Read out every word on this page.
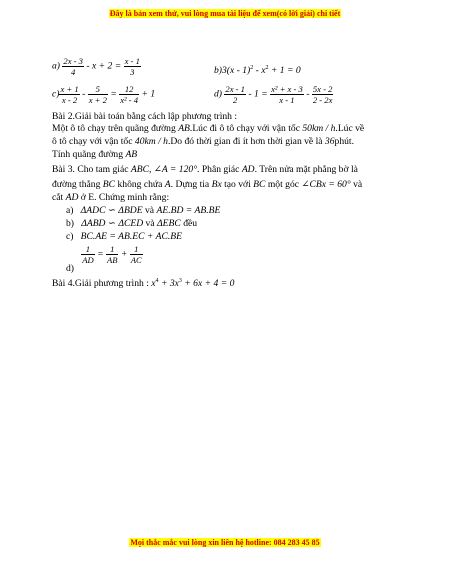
Đây là bản xem thử, vui lòng mua tài liệu để xem(có lời giải) chi tiết
$a) \frac{2x - 3}{4} - x + 2 = \frac{x - 1}{3}$	$b)3(x - 1)^2 - x^2 + 1 = 0$
$c) \frac{x + 1}{x - 2} - \frac{5}{x + 2} = \frac{12}{\text{x² - 4}} + 1$	$d) \frac{2x - 1}{2} - 1 = \frac{\text{x² + x - 3}}{x - 1} - \frac{5x - 2}{2 - 2x}$
Bài 2.Giải bài toán bằng cách lập phương trình :
Một ô tô chạy trên quãng đường AB.Lúc đi ô tô chạy với vận tốc 50km / h.Lúc về
ô tô chạy với vận tốc 40km / h.Do đó thời gian đi ít hơn thời gian về là 36phút.
Tính quãng đường AB
Bài 3. Cho tam giác ABC, ∠A = 120°. Phân giác AD. Trên nửa mặt phẳng bờ là
đường thẳng BC không chứa A. Dựng tia Bx tạo với BC một góc ∠CBx = 60° và
cắt AD ở E. Chứng minh rằng:
a) ΔADC ∽ ΔBDE và AE.BD = AB.BE
b) ΔABD ∽ ΔCED và ΔEBC đều
c) BC.AE = AB.EC + AC.BE
d)
$\frac{1}{AD} = \frac{1}{AB} + \frac{1}{AC}$
Bài 4.Giải phương trình : $x^4 + 3x^3 + 6x + 4 = 0$
Mọi thắc mắc vui lòng xin liên hệ hotline: 084 283 45 85
